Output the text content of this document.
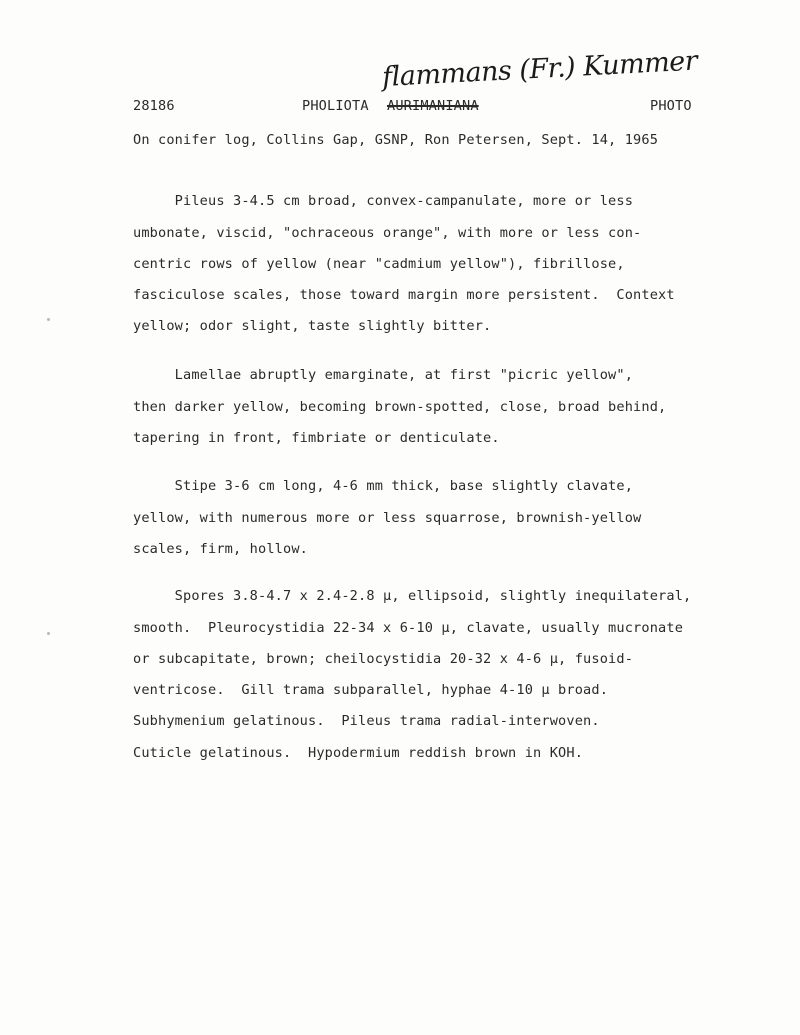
28186	PHOLIOTA AURIMANIANA
flammans (Fr.) Kummer
PHOTO
On conifer log, Collins Gap, GSNP, Ron Petersen, Sept. 14, 1965
Pileus 3-4.5 cm broad, convex-campanulate, more or less
umbonate, viscid, "ochraceous orange", with more or less con-
centric rows of yellow (near "cadmium yellow"), fibrillose,
fasciculose scales, those toward margin more persistent.  Context
yellow; odor slight, taste slightly bitter.
Lamellae abruptly emarginate, at first "picric yellow",
then darker yellow, becoming brown-spotted, close, broad behind,
tapering in front, fimbriate or denticulate.
Stipe 3-6 cm long, 4-6 mm thick, base slightly clavate,
yellow, with numerous more or less squarrose, brownish-yellow
scales, firm, hollow.
Spores 3.8-4.7 x 2.4-2.8 μ, ellipsoid, slightly inequilateral,
smooth.  Pleurocystidia 22-34 x 6-10 μ, clavate, usually mucronate
or subcapitate, brown; cheilocystidia 20-32 x 4-6 μ, fusoid-
ventricose.  Gill trama subparallel, hyphae 4-10 μ broad.
Subhymenium gelatinous.  Pileus trama radial-interwoven.
Cuticle gelatinous.  Hypodermium reddish brown in KOH.
